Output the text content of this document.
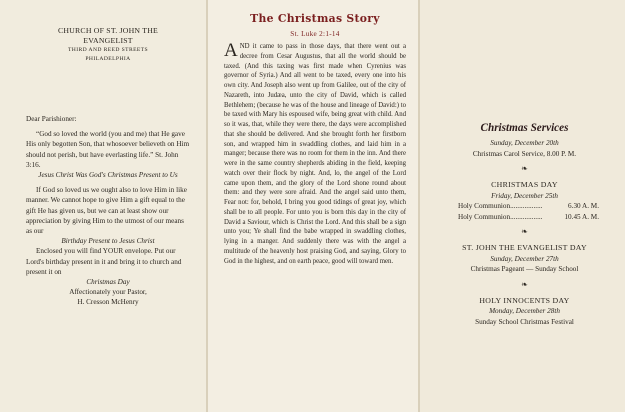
CHURCH OF ST. JOHN THE
EVANGELIST
THIRD AND REED STREETS
PHILADELPHIA

Dear Parishioner:

“God so loved the world (you and me) that He gave His only begotten Son, that whosoever believeth on Him should not perish, but have everlasting life.” St. John 3:16.

Jesus Christ Was God's Christmas Present to Us

If God so loved us we ought also to love Him in like manner. We cannot hope to give Him a gift equal to the gift He has given us, but we can at least show our appreciation by giving Him to the utmost of our means as our

Birthday Present to Jesus Christ

Enclosed you will find YOUR envelope. Put our Lord's birthday present in it and bring it to church and present it on

Christmas Day

Affectionately your Pastor,

H. Cresson McHenry

The Christmas Story
St. Luke 2:1-14
AND it came to pass in those days, that there went out a decree from Cesar Augustus, that all the world should be taxed. (And this taxing was first made when Cyrenius was governor of Syria.) And all went to be taxed, every one into his own city. And Joseph also went up from Galilee, out of the city of Nazareth, into Judæa, unto the city of David, which is called Bethlehem; (because he was of the house and lineage of David:) to be taxed with Mary his espoused wife, being great with child. And so it was, that, while they were there, the days were accomplished that she should be delivered. And she brought forth her firstborn son, and wrapped him in swaddling clothes, and laid him in a manger; because there was no room for them in the inn. And there were in the same country shepherds abiding in the field, keeping watch over their flock by night. And, lo, the angel of the Lord came upon them, and the glory of the Lord shone round about them: and they were sore afraid. And the angel said unto them, Fear not: for, behold, I bring you good tidings of great joy, which shall be to all people. For unto you is born this day in the city of David a Saviour, which is Christ the Lord. And this shall be a sign unto you; Ye shall find the babe wrapped in swaddling clothes, lying in a manger. And suddenly there was with the angel a multitude of the heavenly host praising God, and saying, Glory to God in the highest, and on earth peace, good will toward men.
Christmas Services
Sunday, December 20th
Christmas Carol Service, 8.00 P. M.
❧
CHRISTMAS DAY
Friday, December 25th
Holy Communion..................	6.30 A. M.
Holy Communion..................	10.45 A. M.
❧
ST. JOHN THE EVANGELIST DAY
Sunday, December 27th
Christmas Pageant — Sunday School
❧
HOLY INNOCENTS DAY
Monday, December 28th
Sunday School Christmas Festival
